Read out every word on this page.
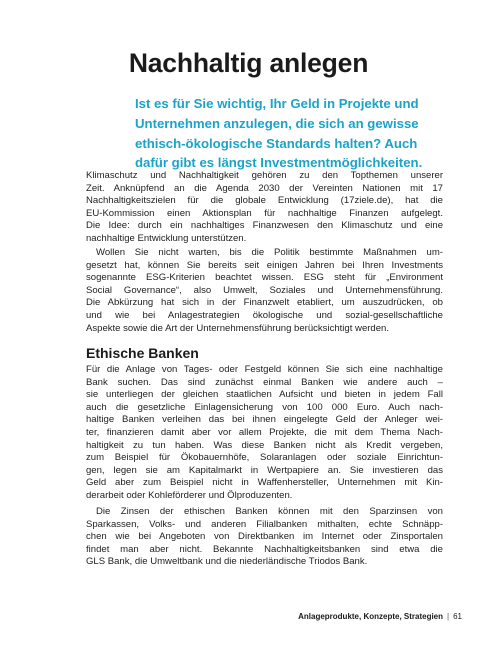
Nachhaltig anlegen

Ist es für Sie wichtig, Ihr Geld in Projekte und
Unternehmen anzulegen, die sich an gewisse
ethisch-ökologische Standards halten? Auch
dafür gibt es längst Investmentmöglichkeiten.

Klimaschutz und Nachhaltigkeit gehören zu den Topthemen unserer
Zeit. Anknüpfend an die Agenda 2030 der Vereinten Nationen mit 17
Nachhaltigkeitszielen für die globale Entwicklung (17ziele.de), hat die
EU-Kommission einen Aktionsplan für nachhaltige Finanzen aufgelegt.
Die Idee: durch ein nachhaltiges Finanzwesen den Klimaschutz und eine
nachhaltige Entwicklung unterstützen.

Wollen Sie nicht warten, bis die Politik bestimmte Maßnahmen um-
gesetzt hat, können Sie bereits seit einigen Jahren bei Ihren Investments
sogenannte ESG-Kriterien beachtet wissen. ESG steht für „Environment
Social Governance“, also Umwelt, Soziales und Unternehmensführung.
Die Abkürzung hat sich in der Finanzwelt etabliert, um auszudrücken, ob
und wie bei Anlagestrategien ökologische und sozial-gesellschaftliche
Aspekte sowie die Art der Unternehmensführung berücksichtigt werden.

Ethische Banken

Für die Anlage von Tages- oder Festgeld können Sie sich eine nachhaltige
Bank suchen. Das sind zunächst einmal Banken wie andere auch –
sie unterliegen der gleichen staatlichen Aufsicht und bieten in jedem Fall
auch die gesetzliche Einlagensicherung von 100 000 Euro. Auch nach-
haltige Banken verleihen das bei ihnen eingelegte Geld der Anleger wei-
ter, finanzieren damit aber vor allem Projekte, die mit dem Thema Nach-
haltigkeit zu tun haben. Was diese Banken nicht als Kredit vergeben,
zum Beispiel für Ökobauernhöfe, Solaranlagen oder soziale Einrichtun-
gen, legen sie am Kapitalmarkt in Wertpapiere an. Sie investieren das
Geld aber zum Beispiel nicht in Waffenhersteller, Unternehmen mit Kin-
derarbeit oder Kohleförderer und Ölproduzenten.

Die Zinsen der ethischen Banken können mit den Sparzinsen von
Sparkassen, Volks- und anderen Filialbanken mithalten, echte Schnäpp-
chen wie bei Angeboten von Direktbanken im Internet oder Zinsportalen
findet man aber nicht. Bekannte Nachhaltigkeitsbanken sind etwa die
GLS Bank, die Umweltbank und die niederländische Triodos Bank.

Anlageprodukte, Konzepte, Strategien | 61
